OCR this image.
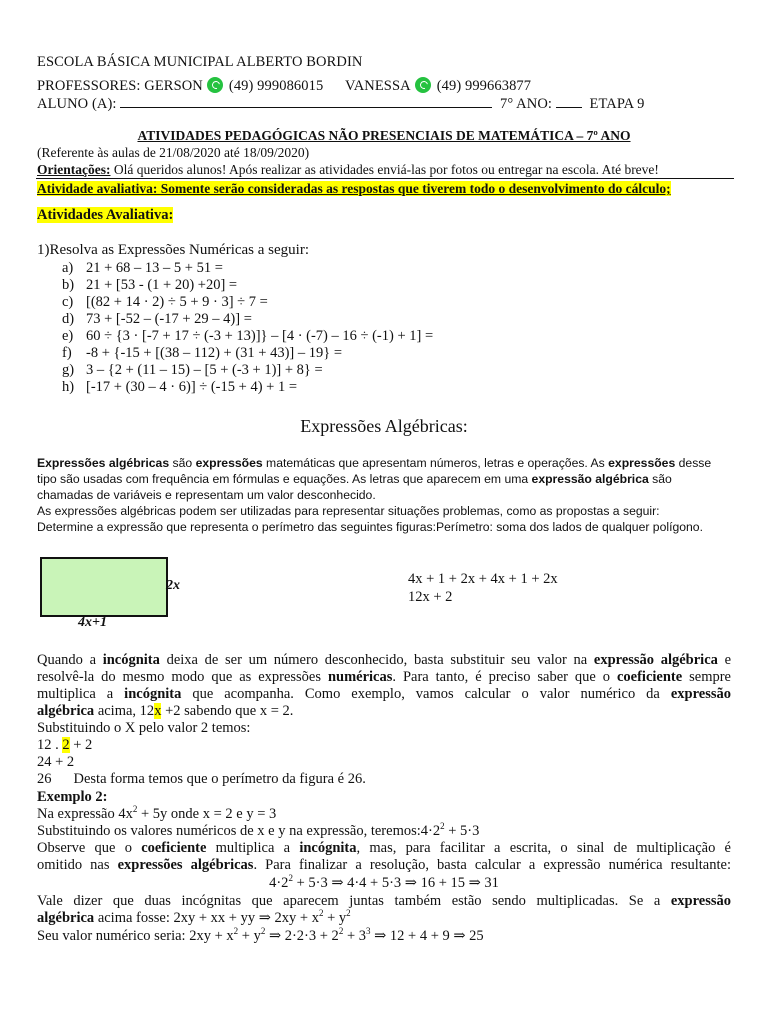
ESCOLA BÁSICA MUNICIPAL ALBERTO BORDIN
PROFESSORES: GERSON (49) 999086015 VANESSA (49) 999663877
ALUNO (A):	7° ANO:	ETAPA 9
ATIVIDADES PEDAGÓGICAS NÃO PRESENCIAIS DE MATEMÁTICA – 7º ANO
(Referente às aulas de 21/08/2020 até 18/09/2020)
Orientações: Olá queridos alunos! Após realizar as atividades enviá-las por fotos ou entregar na escola. Até breve!
Atividade avaliativa: Somente serão consideradas as respostas que tiverem todo o desenvolvimento do cálculo;
Atividades Avaliativa:
1)Resolva as Expressões Numéricas a seguir:
a) 21 + 68 – 13 – 5 + 51 =
b) 21 + [53 - (1 + 20) +20] =
c) [(82 + 14 · 2) ÷ 5 + 9 · 3] ÷ 7 =
d) 73 + [-52 – (-17 + 29 – 4)] =
e) 60 ÷ {3 · [-7 + 17 ÷ (-3 + 13)]} – [4 · (-7) – 16 ÷ (-1) + 1] =
f) -8 + {-15 + [(38 – 112) + (31 + 43)] – 19} =
g) 3 – {2 + (11 – 15) – [5 + (-3 + 1)] + 8} =
h) [-17 + (30 – 4 · 6)] ÷ (-15 + 4) + 1 =
Expressões Algébricas:
Expressões algébricas são expressões matemáticas que apresentam números, letras e operações. As expressões desse
tipo são usadas com frequência em fórmulas e equações. As letras que aparecem em uma expressão algébrica são
chamadas de variáveis e representam um valor desconhecido.
As expressões algébricas podem ser utilizadas para representar situações problemas, como as propostas a seguir:
Determine a expressão que representa o perímetro das seguintes figuras:Perímetro: soma dos lados de qualquer polígono.
2x
4x+1
4x + 1 + 2x + 4x + 1 + 2x
12x + 2
Quando a incógnita deixa de ser um número desconhecido, basta substituir seu valor na expressão algébrica e
resolvê-la do mesmo modo que as expressões numéricas. Para tanto, é preciso saber que o coeficiente sempre
multiplica a incógnita que acompanha. Como exemplo, vamos calcular o valor numérico da expressão
algébrica acima, 12x +2 sabendo que x = 2.
Substituindo o X pelo valor 2 temos:
12 . 2 + 2
24 + 2
26 Desta forma temos que o perímetro da figura é 26.
Exemplo 2:
Na expressão $4x^2 + 5y$ onde x = 2 e y = 3
Substituindo os valores numéricos de x e y na expressão, $teremos:4\cdot 2^2 + 5\cdot 3$
Observe que o coeficiente multiplica a incógnita, mas, para facilitar a escrita, o sinal de multiplicação é
omitido nas expressões algébricas. Para finalizar a resolução, basta calcular a expressão numérica resultante:
$4\cdot 2^2 + 5\cdot 3$ ⇒ 4·4 + 5·3 ⇒ 16 + 15 ⇒ 31
Vale dizer que duas incógnitas que aparecem juntas também estão sendo multiplicadas. Se a expressão
algébrica acima fosse: 2xy + xx + yy ⇒ $2xy + x^2 + y^2$
Seu valor numérico seria: $2xy + x^2 + y^2$ ⇒ $2\cdot 2\cdot 3 + 2^2 + 3^3$ ⇒ 12 + 4 + 9 ⇒ 25
